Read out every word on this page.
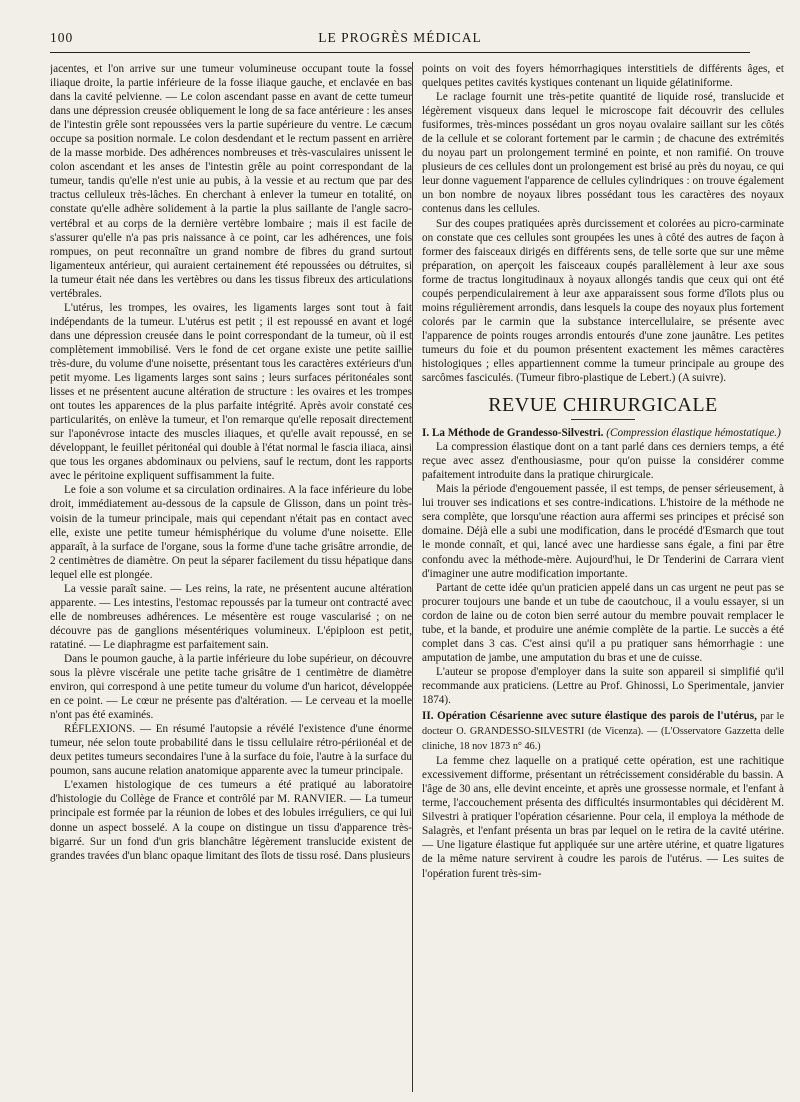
100	LE PROGRÈS MÉDICAL

jacentes, et l'on arrive sur une tumeur volumineuse occupant toute la fosse iliaque droite, la partie inférieure de la fosse iliaque gauche, et enclavée en bas dans la cavité pelvienne. — Le colon ascendant passe en avant de cette tumeur dans une dépression creusée obliquement le long de sa face antérieure : les anses de l'intestin grêle sont repoussées vers la partie supérieure du ventre. Le cæcum occupe sa position normale. Le colon desdendant et le rectum passent en arrière de la masse morbide. Des adhérences nombreuses et très-vasculaires unissent le colon ascendant et les anses de l'intestin grêle au point correspondant de la tumeur, tandis qu'elle n'est unie au pubis, à la vessie et au rectum que par des tractus celluleux très-lâches. En cherchant à enlever la tumeur en totalité, on constate qu'elle adhère solidement à la partie la plus saillante de l'angle sacro-vertébral et au corps de la dernière vertèbre lombaire ; mais il est facile de s'assurer qu'elle n'a pas pris naissance à ce point, car les adhérences, une fois rompues, on peut reconnaître un grand nombre de fibres du grand surtout ligamenteux antérieur, qui auraient certainement été repoussées ou détruites, si la tumeur était née dans les vertèbres ou dans les tissus fibreux des articulations vertébrales.

L'utérus, les trompes, les ovaires, les ligaments larges sont tout à fait indépendants de la tumeur. L'utérus est petit ; il est repoussé en avant et logé dans une dépression creusée dans le point correspondant de la tumeur, où il est complètement immobilisé. Vers le fond de cet organe existe une petite saillie très-dure, du volume d'une noisette, présentant tous les caractères extérieurs d'un petit myome. Les ligaments larges sont sains ; leurs surfaces péritonéales sont lisses et ne présentent aucune altération de structure : les ovaires et les trompes ont toutes les apparences de la plus parfaite intégrité. Après avoir constaté ces particularités, on enlève la tumeur, et l'on remarque qu'elle reposait directement sur l'aponévrose intacte des muscles iliaques, et qu'elle avait repoussé, en se développant, le feuillet péritonéal qui double à l'état normal le fascia iliaca, ainsi que tous les organes abdominaux ou pelviens, sauf le rectum, dont les rapports avec le péritoine expliquent suffisamment la fuite.

Le foie a son volume et sa circulation ordinaires. A la face inférieure du lobe droit, immédiatement au-dessous de la capsule de Glisson, dans un point très-voisin de la tumeur principale, mais qui cependant n'était pas en contact avec elle, existe une petite tumeur hémisphérique du volume d'une noisette. Elle apparaît, à la surface de l'organe, sous la forme d'une tache grisâtre arrondie, de 2 centimètres de diamètre. On peut la séparer facilement du tissu hépatique dans lequel elle est plongée.

La vessie paraît saine. — Les reins, la rate, ne présentent aucune altération apparente. — Les intestins, l'estomac repoussés par la tumeur ont contracté avec elle de nombreuses adhérences. Le mésentère est rouge vascularisé ; on ne découvre pas de ganglions mésentériques volumineux. L'épiploon est petit, ratatiné. — Le diaphragme est parfaitement sain.

Dans le poumon gauche, à la partie inférieure du lobe supérieur, on découvre sous la plèvre viscérale une petite tache grisâtre de 1 centimètre de diamètre environ, qui correspond à une petite tumeur du volume d'un haricot, développée en ce point. — Le cœur ne présente pas d'altération. — Le cerveau et la moelle n'ont pas été examinés.

RÉFLEXIONS. — En résumé l'autopsie a révélé l'existence d'une énorme tumeur, née selon toute probabilité dans le tissu cellulaire rétro-périionéal et de deux petites tumeurs secondaires l'une à la surface du foie, l'autre à la surface du poumon, sans aucune relation anatomique apparente avec la tumeur principale.

L'examen histologique de ces tumeurs a été pratiqué au laboratoire d'histologie du Collège de France et contrôlé par M. RANVIER. — La tumeur principale est formée par la réunion de lobes et des lobules irréguliers, ce qui lui donne un aspect bosselé. A la coupe on distingue un tissu d'apparence très-bigarré. Sur un fond d'un gris blanchâtre légèrement translucide existent de grandes travées d'un blanc opaque limitant des îlots de tissu rosé. Dans plusieurs

points on voit des foyers hémorrhagiques interstitiels de différents âges, et quelques petites cavités kystiques contenant un liquide gélatiniforme.

Le raclage fournit une très-petite quantité de liquide rosé, translucide et légèrement visqueux dans lequel le microscope fait découvrir des cellules fusiformes, très-minces possédant un gros noyau ovalaire saillant sur les côtés de la cellule et se colorant fortement par le carmin ; de chacune des extrémités du noyau part un prolongement terminé en pointe, et non ramifié. On trouve plusieurs de ces cellules dont un prolongement est brisé au près du noyau, ce qui leur donne vaguement l'apparence de cellules cylindriques : on trouve également un bon nombre de noyaux libres possédant tous les caractères des noyaux contenus dans les cellules.

Sur des coupes pratiquées après durcissement et colorées au picro-carminate on constate que ces cellules sont groupées les unes à côté des autres de façon à former des faisceaux dirigés en différents sens, de telle sorte que sur une même préparation, on aperçoit les faisceaux coupés parallèlement à leur axe sous forme de tractus longitudinaux à noyaux allongés tandis que ceux qui ont été coupés perpendiculairement à leur axe apparaissent sous forme d'îlots plus ou moins régulièrement arrondis, dans lesquels la coupe des noyaux plus fortement colorés par le carmin que la substance intercellulaire, se présente avec l'apparence de points rouges arrondis entourés d'une zone jaunâtre. Les petites tumeurs du foie et du poumon présentent exactement les mêmes caractères histologiques ; elles appartiennent comme la tumeur principale au groupe des sarcômes fasciculés. (Tumeur fibro-plastique de Lebert.) (A suivre).

REVUE CHIRURGICALE

I. La Méthode de Grandesso-Silvestri. (Compression élastique hémostatique.)

La compression élastique dont on a tant parlé dans ces derniers temps, a été reçue avec assez d'enthousiasme, pour qu'on puisse la considérer comme pafaitement introduite dans la pratique chirurgicale.

Mais la période d'engouement passée, il est temps, de penser sérieusement, à lui trouver ses indications et ses contre-indications. L'histoire de la méthode ne sera complète, que lorsqu'une réaction aura affermi ses principes et précisé son domaine. Déjà elle a subi une modification, dans le procédé d'Esmarch que tout le monde connaît, et qui, lancé avec une hardiesse sans égale, a fini par être confondu avec la méthode-mère. Aujourd'hui, le Dr Tenderini de Carrara vient d'imaginer une autre modification importante.

Partant de cette idée qu'un praticien appelé dans un cas urgent ne peut pas se procurer toujours une bande et un tube de caoutchouc, il a voulu essayer, si un cordon de laine ou de coton bien serré autour du membre pouvait remplacer le tube, et la bande, et produire une anémie complète de la partie. Le succès a été complet dans 3 cas. C'est ainsi qu'il a pu pratiquer sans hémorrhagie : une amputation de jambe, une amputation du bras et une de cuisse.

L'auteur se propose d'employer dans la suite son appareil si simplifié qu'il recommande aux praticiens. (Lettre au Prof. Ghinossi, Lo Sperimentale, janvier 1874).

II. Opération Césarienne avec suture élastique des parois de l'utérus, par le docteur O. GRANDESSO-SILVESTRI (de Vicenza). — (L'Osservatore Gazzetta delle cliniche, 18 nov 1873 n° 46.)

La femme chez laquelle on a pratiqué cette opération, est une rachitique excessivement difforme, présentant un rétrécissement considérable du bassin. A l'âge de 30 ans, elle devint enceinte, et après une grossesse normale, et l'enfant à terme, l'accouchement présenta des difficultés insurmontables qui décidèrent M. Silvestri à pratiquer l'opération césarienne. Pour cela, il employa la méthode de Salagrès, et l'enfant présenta un bras par lequel on le retira de la cavité utérine. — Une ligature élastique fut appliquée sur une artère utérine, et quatre ligatures de la même nature servirent à coudre les parois de l'utérus. — Les suites de l'opération furent très-sim-
